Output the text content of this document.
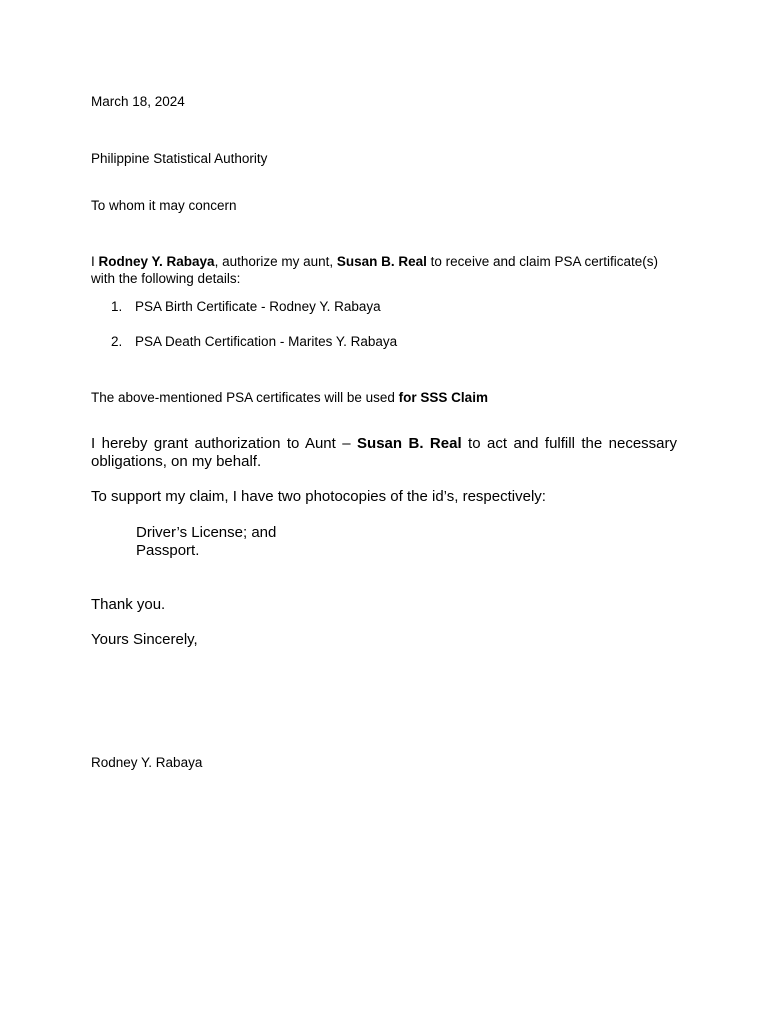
March 18, 2024
Philippine Statistical Authority
To whom it may concern
I Rodney Y. Rabaya, authorize my aunt, Susan B. Real to receive and claim PSA certificate(s)
with the following details:
1. PSA Birth Certificate - Rodney Y. Rabaya
2. PSA Death Certification - Marites Y. Rabaya
The above-mentioned PSA certificates will be used for SSS Claim
I hereby grant authorization to Aunt – Susan B. Real to act and fulfill the necessary
obligations, on my behalf.
To support my claim, I have two photocopies of the id’s, respectively:
Driver’s License; and
Passport.
Thank you.
Yours Sincerely,
Rodney Y. Rabaya
